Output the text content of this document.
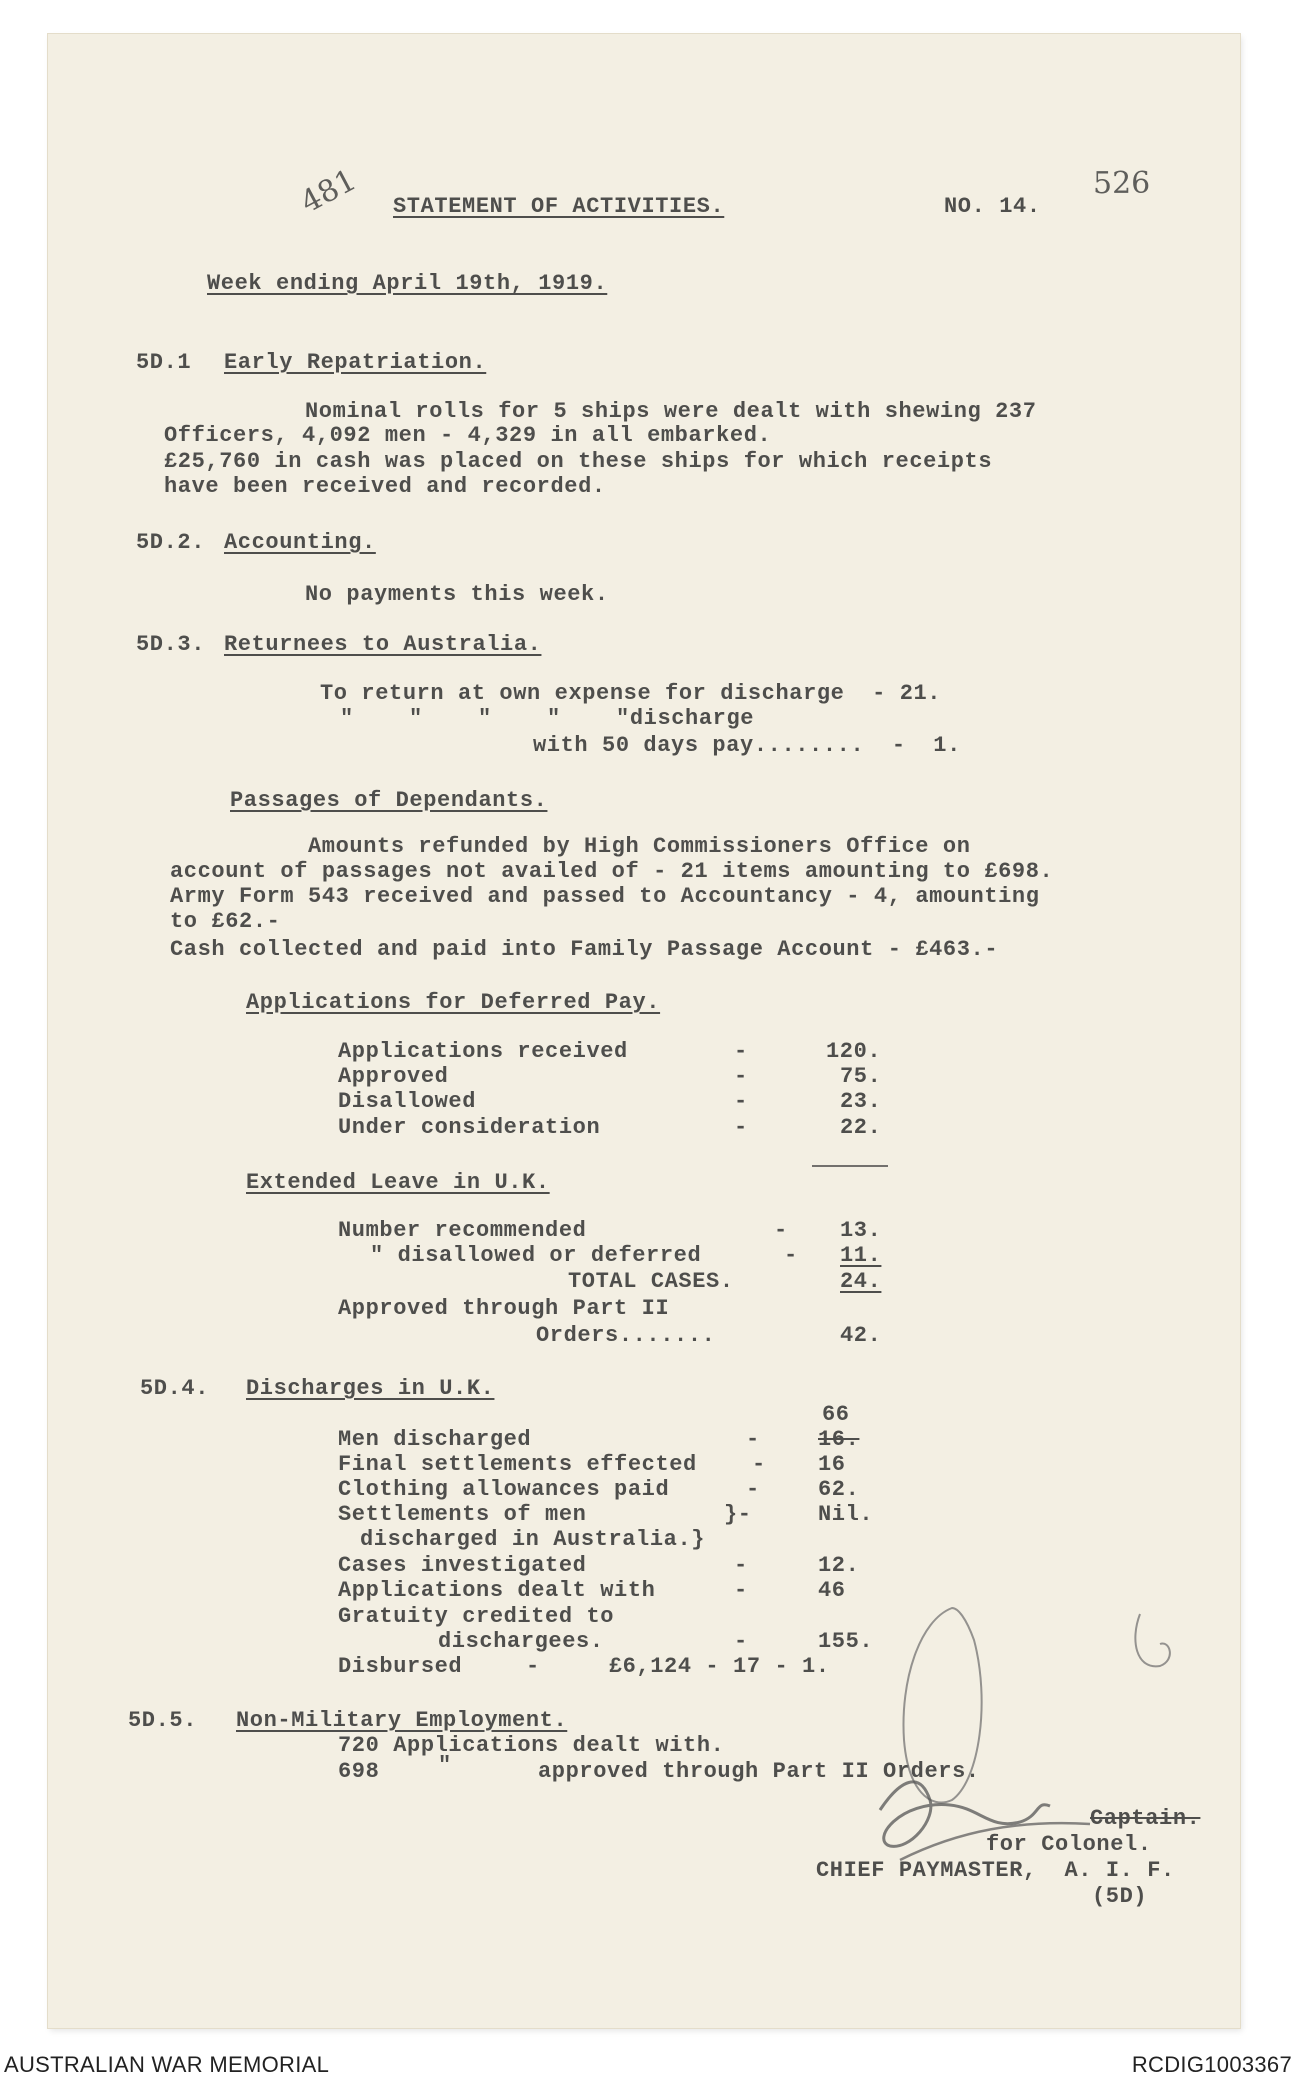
481 STATEMENT OF ACTIVITIES.	NO. 14.
526
Week ending April 19th, 1919.
5D.1 Early Repatriation.
Nominal rolls for 5 ships were dealt with shewing 237
Officers, 4,092 men - 4,329 in all embarked.
£25,760 in cash was placed on these ships for which receipts
have been received and recorded.
5D.2. Accounting.
No payments this week.
5D.3. Returnees to Australia.
To return at own expense for discharge  - 21.
"    "    "    "    "discharge
with 50 days pay........  -  1.
Passages of Dependants.
Amounts refunded by High Commissioners Office on
account of passages not availed of - 21 items amounting to £698.
Army Form 543 received and passed to Accountancy - 4, amounting
to £62.-
Cash collected and paid into Family Passage Account - £463.-
Applications for Deferred Pay.
Applications received	-	120.
Approved	-	75.
Disallowed	-	23.
Under consideration	-	22.
Extended Leave in U.K.
Number recommended	- 13.
" disallowed or deferred	- 11.
TOTAL CASES.	24.
Approved through Part II
Orders.......	42.
5D.4. Discharges in U.K.
66
Men discharged	-	16.
Final settlements effected	- 16
Clothing allowances paid	-	62.
Settlements of men	}-	Nil.
discharged in Australia.}
Cases investigated	-	12.
Applications dealt with	-	46
Gratuity credited to
dischargees.	-	155.
Disbursed	-     £6,124 - 17 - 1.
5D.5. Non-Military Employment.
720 Applications dealt with.
698	"	approved through Part II Orders.
Captain.
for Colonel.
CHIEF PAYMASTER,  A. I. F.
(5D)
AUSTRALIAN WAR MEMORIAL	RCDIG1003367
